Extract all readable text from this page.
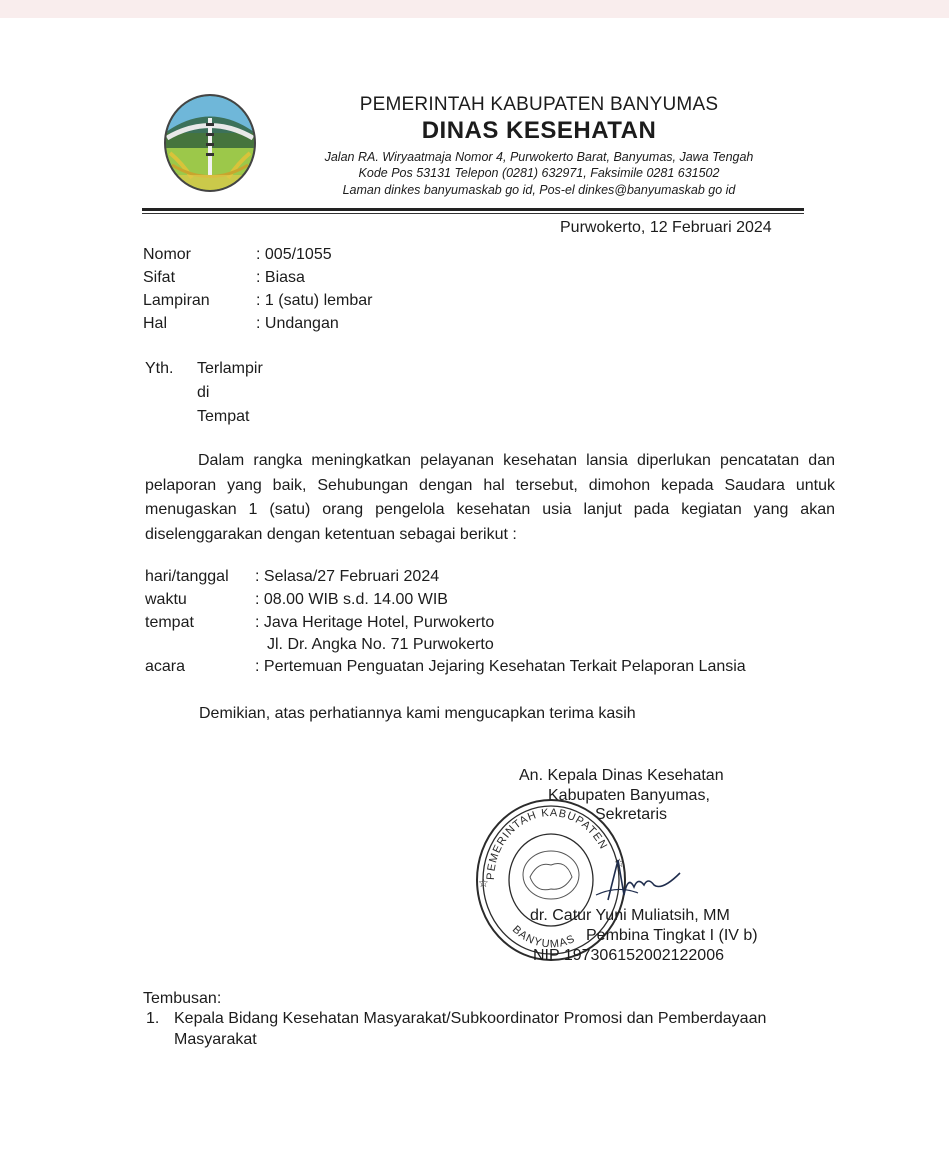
PEMERINTAH KABUPATEN BANYUMAS
DINAS KESEHATAN
Jalan RA. Wiryaatmaja Nomor 4, Purwokerto Barat, Banyumas, Jawa Tengah
Kode Pos 53131 Telepon (0281) 632971, Faksimile 0281 631502
Laman dinkes banyumaskab go id, Pos-el dinkes@banyumaskab go id
Purwokerto, 12 Februari 2024
Nomor	: 005/1055
Sifat	: Biasa
Lampiran	: 1 (satu) lembar
Hal	: Undangan
Yth. Terlampir
di
Tempat

Dalam rangka meningkatkan pelayanan kesehatan lansia diperlukan pencatatan dan pelaporan yang baik, Sehubungan dengan hal tersebut, dimohon kepada Saudara untuk menugaskan 1 (satu) orang pengelola kesehatan usia lanjut pada kegiatan yang akan diselenggarakan dengan ketentuan sebagai berikut :

hari/tanggal : Selasa/27 Februari 2024
waktu	: 08.00 WIB s.d. 14.00 WIB
tempat	: Java Heritage Hotel, Purwokerto
Jl. Dr. Angka No. 71 Purwokerto
acara	: Pertemuan Penguatan Jejaring Kesehatan Terkait Pelaporan Lansia
Demikian, atas perhatiannya kami mengucapkan terima kasih
An. Kepala Dinas Kesehatan
Kabupaten Banyumas,
Sekretaris
PEMERINTAH KABUPATEN
BANYUMAS
☆
☆
dr. Catur Yuni Muliatsih, MM
Pembina Tingkat I (IV b)
NIP 197306152002122006
Tembusan:
1. Kepala Bidang Kesehatan Masyarakat/Subkoordinator Promosi dan Pemberdayaan
Masyarakat
